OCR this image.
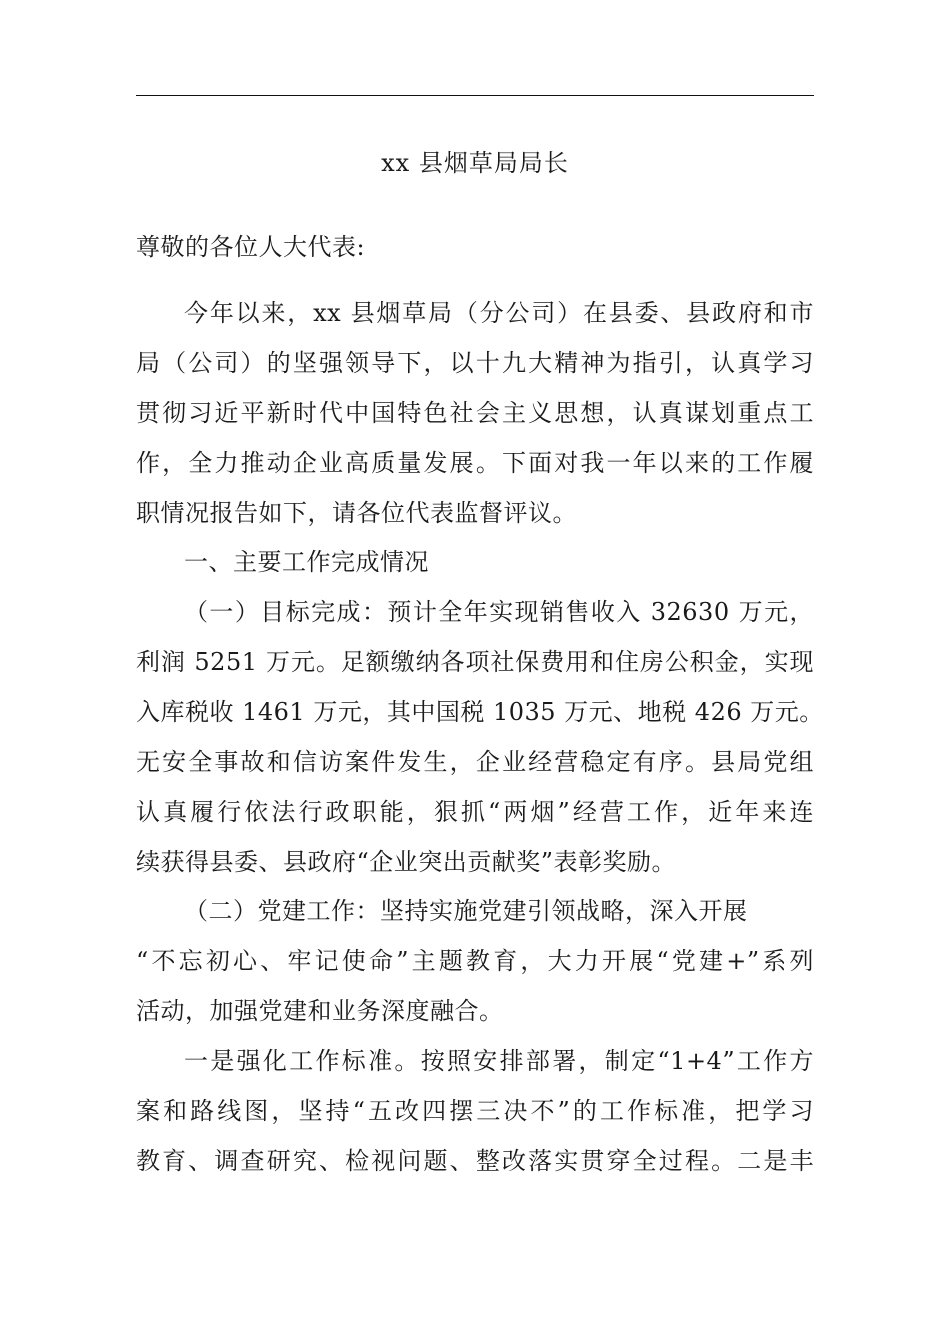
xx 县烟草局局长
尊敬的各位人大代表:
今年以来，xx 县烟草局（分公司）在县委、县政府和市
局（公司）的坚强领导下，以十九大精神为指引，认真学习
贯彻习近平新时代中国特色社会主义思想，认真谋划重点工
作，全力推动企业高质量发展。下面对我一年以来的工作履
职情况报告如下，请各位代表监督评议。
一、主要工作完成情况
（一）目标完成：预计全年实现销售收入 32630 万元，
利润 5251 万元。足额缴纳各项社保费用和住房公积金，实现
入库税收 1461 万元，其中国税 1035 万元、地税 426 万元。
无安全事故和信访案件发生，企业经营稳定有序。县局党组
认真履行依法行政职能，狠抓“两烟”经营工作，近年来连
续获得县委、县政府“企业突出贡献奖”表彰奖励。
（二）党建工作：坚持实施党建引领战略，深入开展
“不忘初心、牢记使命”主题教育，大力开展“党建+”系列
活动，加强党建和业务深度融合。
一是强化工作标准。按照安排部署，制定“1+4”工作方
案和路线图，坚持“五改四摆三决不”的工作标准，把学习
教育、调查研究、检视问题、整改落实贯穿全过程。二是丰
